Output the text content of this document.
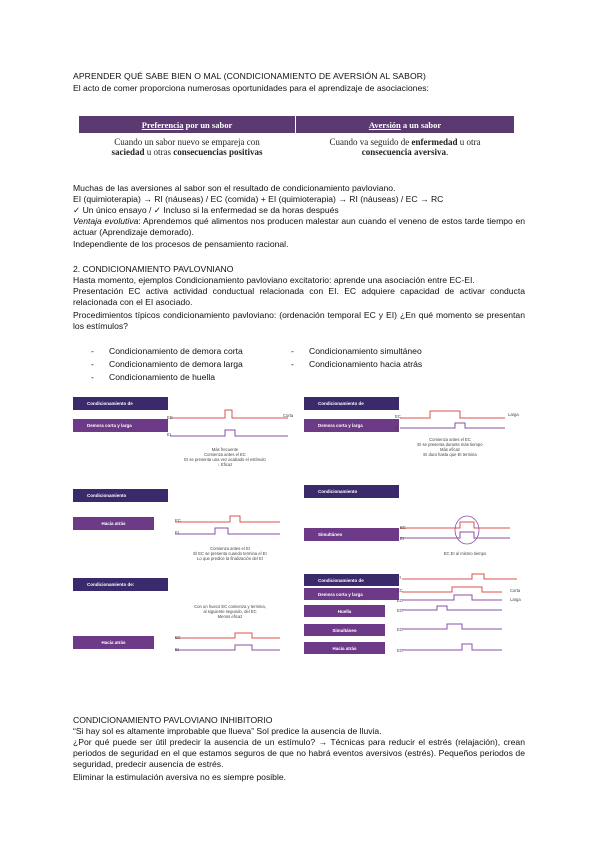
APRENDER QUÉ SABE BIEN O MAL (CONDICIONAMIENTO DE AVERSIÓN AL SABOR)
El acto de comer proporciona numerosas oportunidades para el aprendizaje de asociaciones:
Preferencia
por un sabor	Aversión
a un sabor
Cuando un sabor nuevo se empareja con
saciedad u otras consecuencias positivas
Cuando va seguido de enfermedad u otra
consecuencia aversiva.
Muchas de las aversiones al sabor son el resultado de condicionamiento pavloviano.
EI (quimioterapia) → RI (náuseas) / EC (comida) + EI (quimioterapia) → RI (náuseas) / EC → RC
✓ Un único ensayo / ✓ Incluso si la enfermedad se da horas después
Ventaja evolutiva: Aprendemos qué alimentos nos producen malestar aun cuando el veneno de estos tarde tiempo en actuar (Aprendizaje demorado).
Independiente de los procesos de pensamiento racional.
2. CONDICIONAMIENTO PAVLOVNIANO
Hasta momento, ejemplos Condicionamiento pavloviano excitatorio: aprende una asociación entre EC-EI.
Presentación EC activa actividad conductual relacionada con EI. EC adquiere capacidad de activar conducta relacionada con el EI asociado.
Procedimientos típicos condicionamiento pavloviano: (ordenación temporal EC y EI) ¿En qué momento se presentan los estímulos?
- Condicionamiento de demora corta
- Condicionamiento de demora larga
- Condicionamiento de huella
- Condicionamiento simultáneo
- Condicionamiento hacia atrás
Condicionamiento de
Demora corta y larga
EC
EI
Corta
Más frecuente
Comienza antes el EC
EI se presenta una vez acabado el estímulo
↓ Eficaz
Condicionamiento de
Demora corta y larga
EC
EI
Larga
Comienza antes el EC
EI se presenta durante más tiempo
Más eficaz
EI dura hasta que EI termina
Condicionamiento
Hacia atrás
EC
EI
Comienza antes el EI
El EC se presenta cuando termina el EI
Lo que predice la finalización del EI
Condicionamiento
Simultáneo
EC
EI
EC EI al mismo tiempo
Condicionamiento de:
Con un hueco EC comienza y termina,
al siguiente segundo, del EC
Menos eficaz
Hacia atrás
EC
EI
Condicionamiento de
Demora corta y larga
Huella
Simultáneo
Hacia atrás
EI
EC
EC
EC
EC
EC
Corta
Larga
CONDICIONAMIENTO PAVLOVIANO INHIBITORIO
“Si hay sol es altamente improbable que llueva” Sol predice la ausencia de lluvia.
¿Por qué puede ser útil predecir la ausencia de un estímulo? → Técnicas para reducir el estrés (relajación), crean periodos de seguridad en el que estamos seguros de que no habrá eventos aversivos (estrés). Pequeños periodos de seguridad, predecir ausencia de estrés.
Eliminar la estimulación aversiva no es siempre posible.
